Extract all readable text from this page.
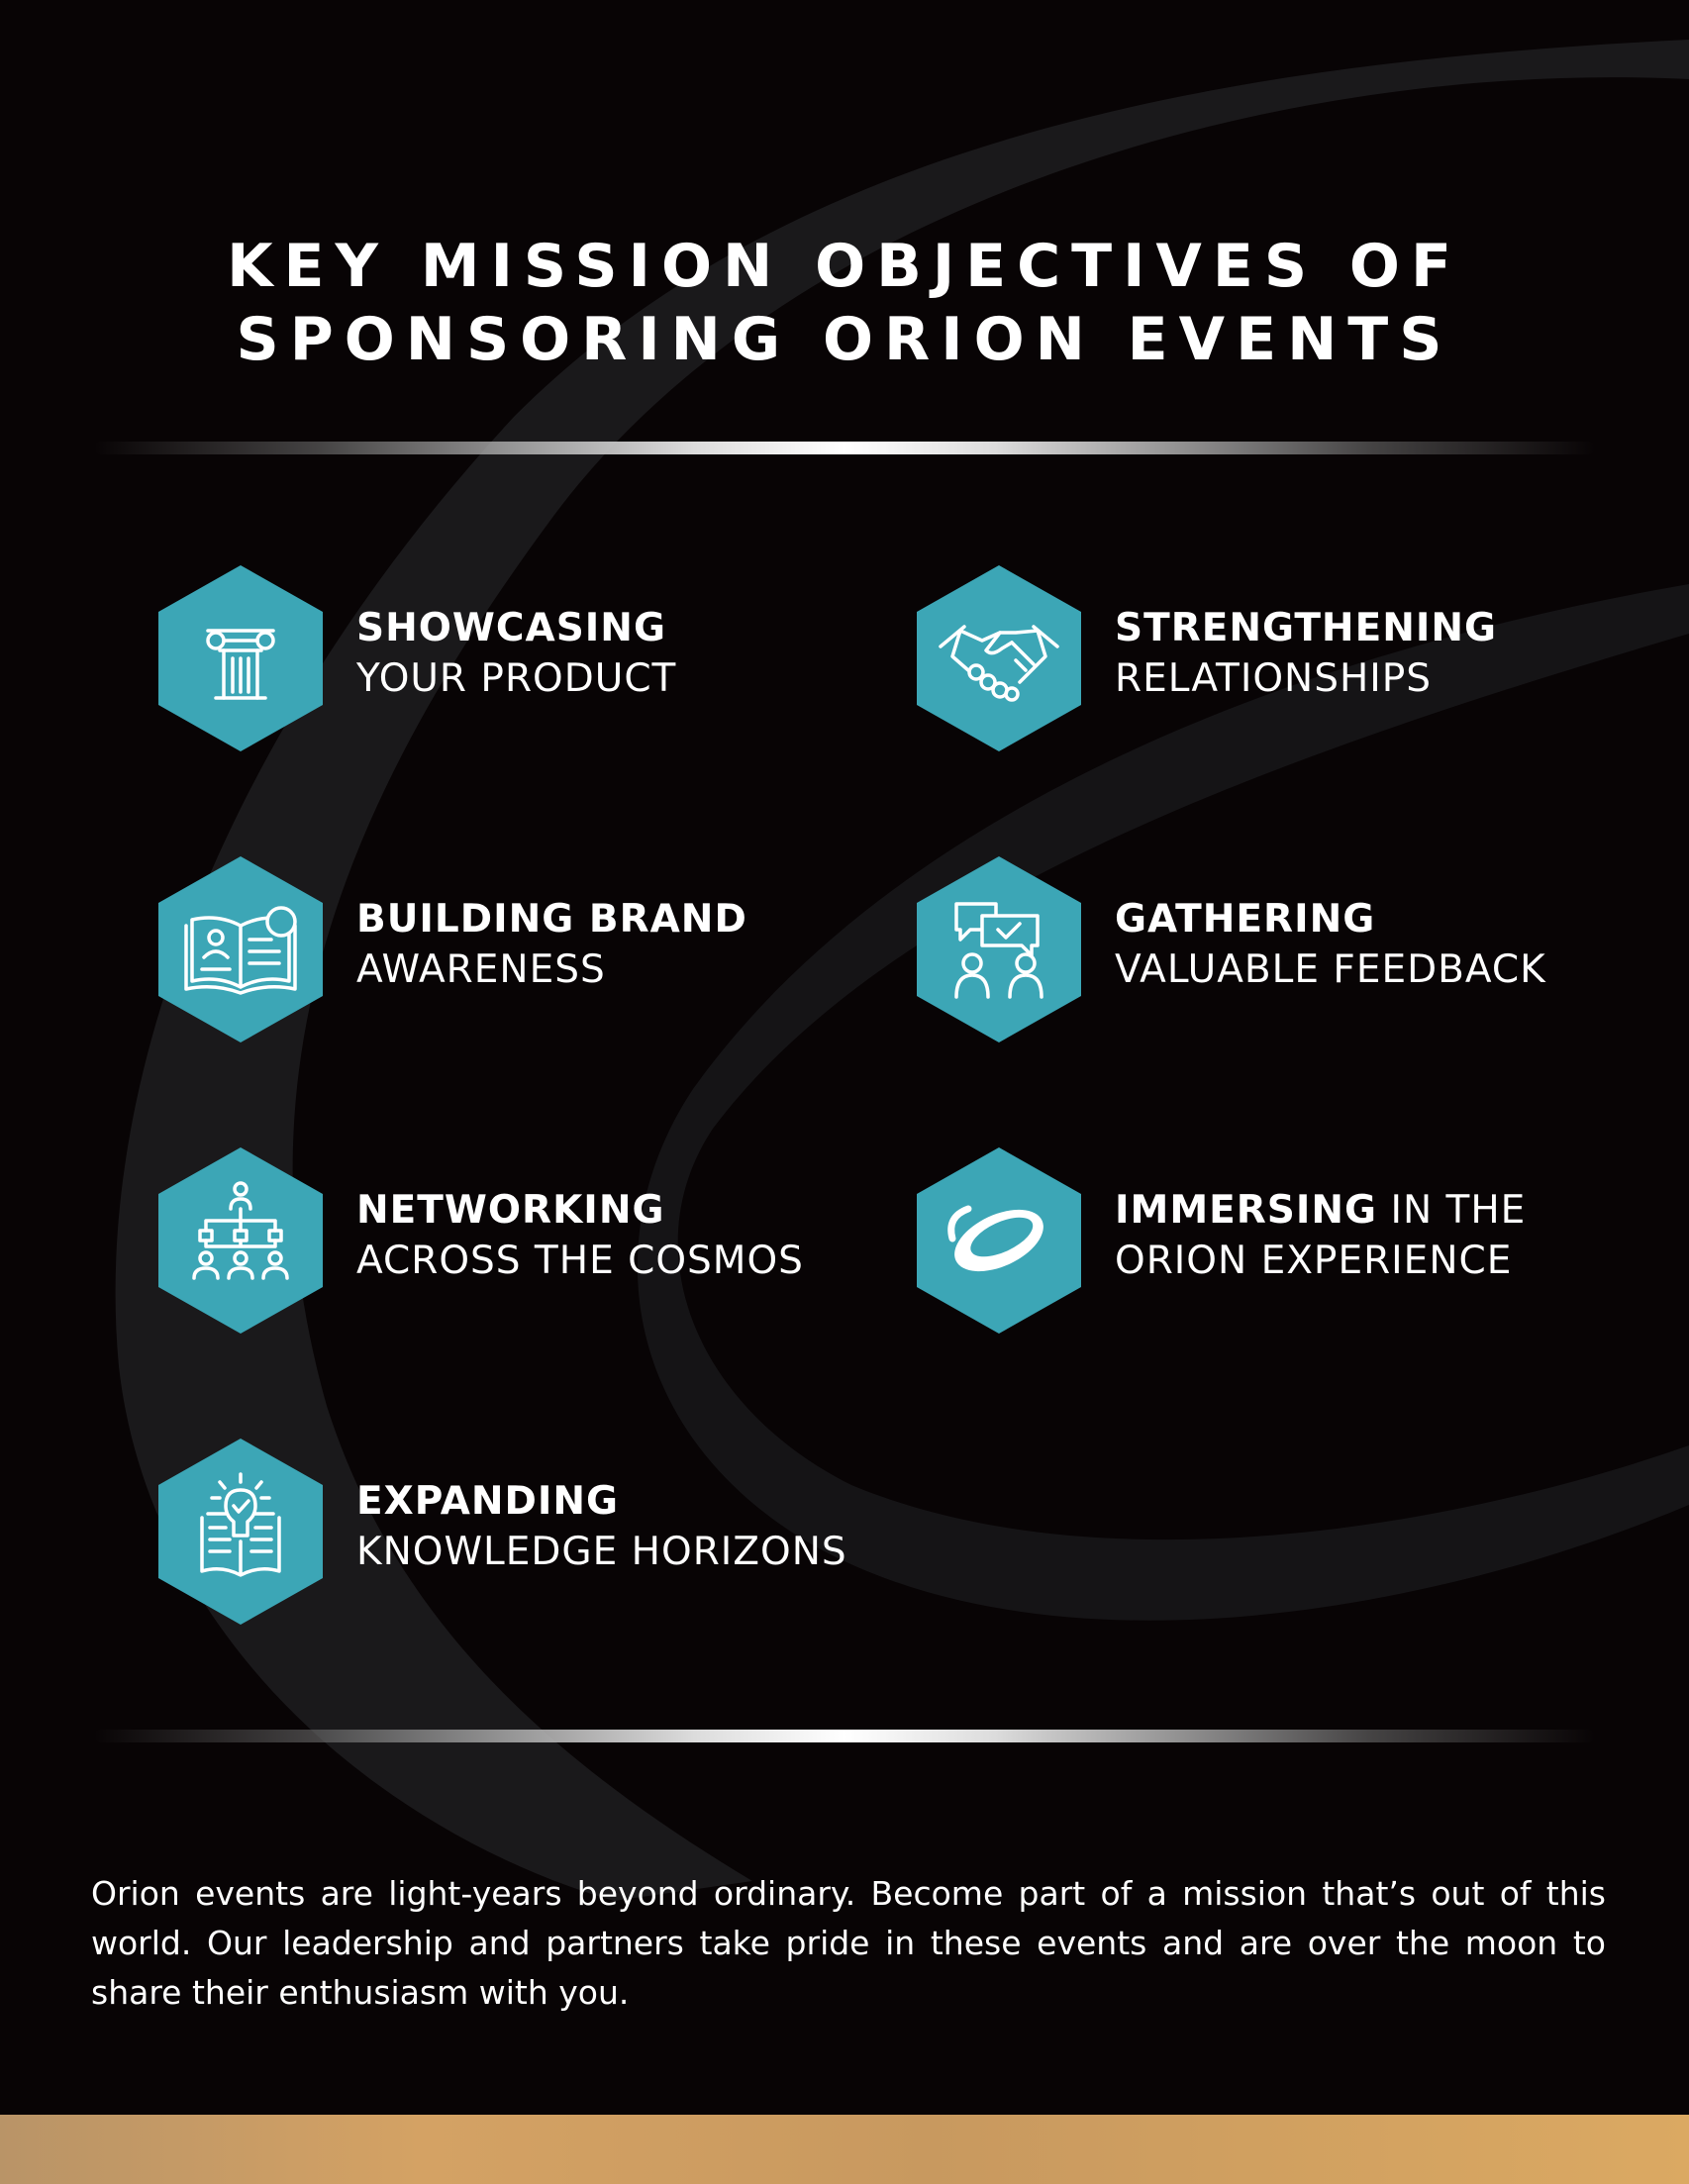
KEY MISSION OBJECTIVES OF
SPONSORING ORION EVENTS
SHOWCASING
YOUR PRODUCT
STRENGTHENING
RELATIONSHIPS
BUILDING BRAND
AWARENESS
GATHERING
VALUABLE FEEDBACK
NETWORKING
ACROSS THE COSMOS
IMMERSING IN THE
ORION EXPERIENCE
EXPANDING
KNOWLEDGE HORIZONS

Orion events are light-years beyond ordinary. Become part of a mission that’s out of this world. Our leadership and partners take pride in these events and are over the moon to share their enthusiasm with you.
